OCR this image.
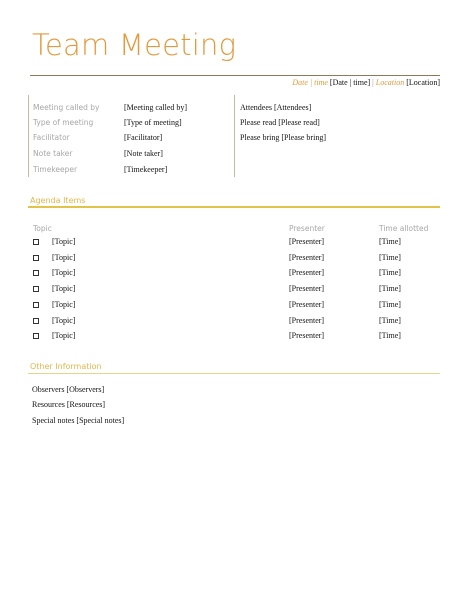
Team Meeting
Date | time [Date | time] | Location [Location]
Meeting called by	[Meeting called by]
Type of meeting	[Type of meeting]
Facilitator	[Facilitator]
Note taker	[Note taker]
Timekeeper	[Timekeeper]
Attendees [Attendees]
Please read [Please read]
Please bring [Please bring]
Agenda Items
Topic	Presenter	Time allotted
[Topic]	[Presenter]	[Time]
[Topic]	[Presenter]	[Time]
[Topic]	[Presenter]	[Time]
[Topic]	[Presenter]	[Time]
[Topic]	[Presenter]	[Time]
[Topic]	[Presenter]	[Time]
[Topic]	[Presenter]	[Time]
Other Information
Observers [Observers]
Resources [Resources]
Special notes [Special notes]
